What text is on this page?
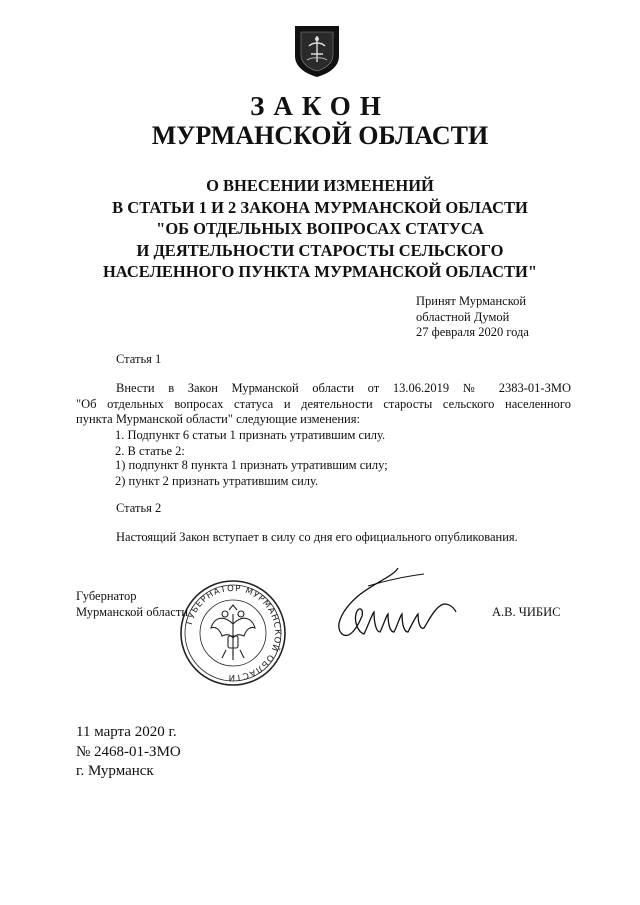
ЗАКОН
МУРМАНСКОЙ ОБЛАСТИ
О ВНЕСЕНИИ ИЗМЕНЕНИЙ
В СТАТЬИ 1 И 2 ЗАКОНА МУРМАНСКОЙ ОБЛАСТИ
"ОБ ОТДЕЛЬНЫХ ВОПРОСАХ СТАТУСА
И ДЕЯТЕЛЬНОСТИ СТАРОСТЫ СЕЛЬСКОГО
НАСЕЛЕННОГО ПУНКТА МУРМАНСКОЙ ОБЛАСТИ"
Принят Мурманской
областной Думой
27 февраля 2020 года
Статья 1
Внести в Закон Мурманской области от 13.06.2019 № 2383-01-ЗМО
"Об отдельных вопросах статуса и деятельности старосты сельского населенного
пункта Мурманской области" следующие изменения:
1. Подпункт 6 статьи 1 признать утратившим силу.
2. В статье 2:
1) подпункт 8 пункта 1 признать утратившим силу;
2) пункт 2 признать утратившим силу.
Статья 2
Настоящий Закон вступает в силу со дня его официального опубликования.
Губернатор
Мурманской области
ГУБЕРНАТОР МУРМАНСКОЙ ОБЛАСТИ
А.В. ЧИБИС
11 марта 2020 г.
№ 2468-01-ЗМО
г. Мурманск
